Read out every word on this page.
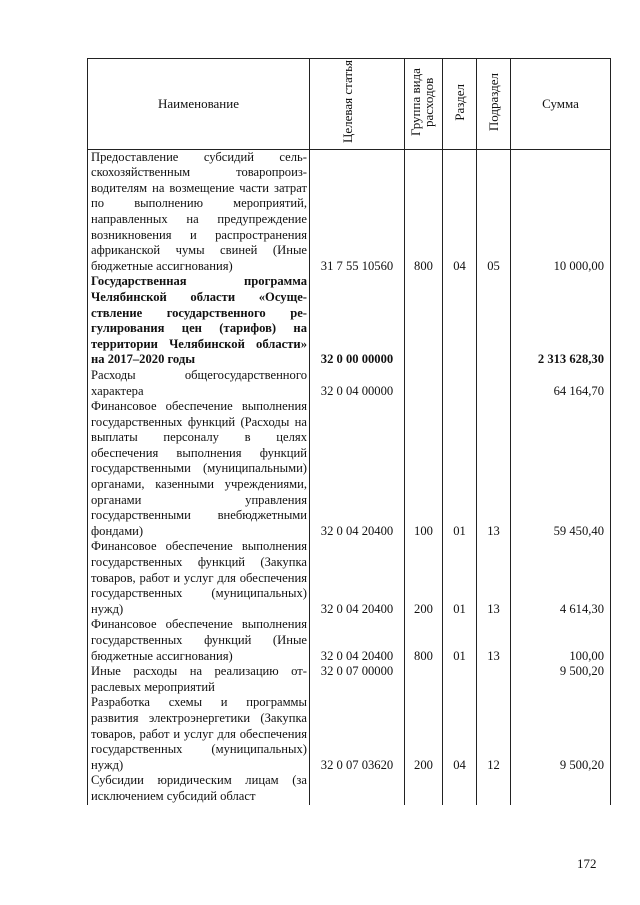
Наименование	Целевая статья	Группа вида расходов	Раздел	Подраздел	Сумма
Предоставление субсидий сельскохозяйственным товаропроизводителям на возмещение части затрат по выполнению мероприятий, направленных на предупреждение возникновения и распространения африканской чумы свиней (Иные бюджетные ассигнования)	31 7 55 10560	800	04	05	10 000,00
Государственная программа Челябинской области «Осуществление государственного регулирования цен (тарифов) на территории Челябинской области» на 2017–2020 годы	32 0 00 00000				2 313 628,30
Расходы общегосударственного характера	32 0 04 00000				64 164,70
Финансовое обеспечение выполнения государственных функций (Расходы на выплаты персоналу в целях обеспечения выполнения функций государственными (муниципальными) органами, казенными учреждениями, органами управления государственными внебюджетными фондами)	32 0 04 20400	100	01	13	59 450,40
Финансовое обеспечение выполнения государственных функций (Закупка товаров, работ и услуг для обеспечения государственных (муниципальных) нужд)	32 0 04 20400	200	01	13	4 614,30
Финансовое обеспечение выполнения государственных функций (Иные бюджетные ассигнования)	32 0 04 20400	800	01	13	100,00
Иные расходы на реализацию отраслевых мероприятий	32 0 07 00000				9 500,20
Разработка схемы и программы развития электроэнергетики (Закупка товаров, работ и услуг для обеспечения государственных (муниципальных) нужд)	32 0 07 03620	200	04	12	9 500,20
Субсидии юридическим лицам (за исключением субсидий област					
172
